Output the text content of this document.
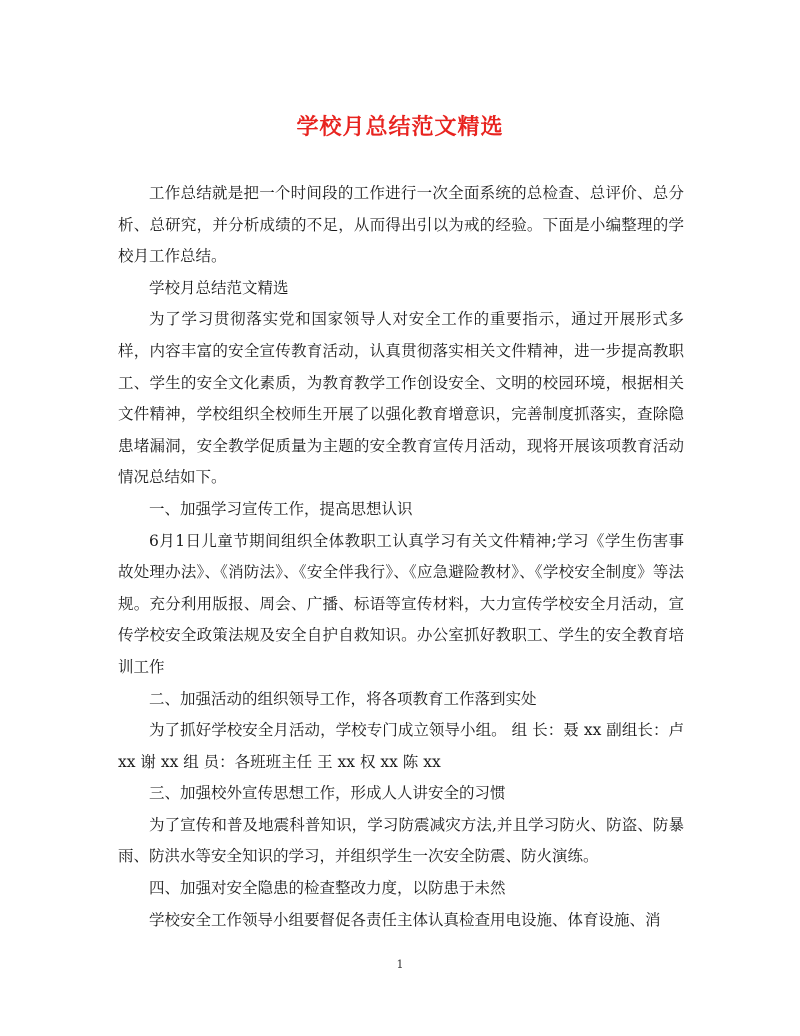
学校月总结范文精选

工作总结就是把一个时间段的工作进行一次全面系统的总检查、总评价、总分析、总研究，并分析成绩的不足，从而得出引以为戒的经验。下面是小编整理的学校月工作总结。

学校月总结范文精选

为了学习贯彻落实党和国家领导人对安全工作的重要指示，通过开展形式多样，内容丰富的安全宣传教育活动，认真贯彻落实相关文件精神，进一步提高教职工、学生的安全文化素质，为教育教学工作创设安全、文明的校园环境，根据相关文件精神，学校组织全校师生开展了以强化教育增意识，完善制度抓落实，查除隐患堵漏洞，安全教学促质量为主题的安全教育宣传月活动，现将开展该项教育活动情况总结如下。

一、加强学习宣传工作，提高思想认识

6月1日儿童节期间组织全体教职工认真学习有关文件精神;学习《学生伤害事故处理办法》、《消防法》、《安全伴我行》、《应急避险教材》、《学校安全制度》等法规。充分利用版报、周会、广播、标语等宣传材料，大力宣传学校安全月活动，宣传学校安全政策法规及安全自护自救知识。办公室抓好教职工、学生的安全教育培训工作

二、加强活动的组织领导工作，将各项教育工作落到实处

为了抓好学校安全月活动，学校专门成立领导小组。 组 长：聂 xx 副组长：卢 xx 谢 xx 组 员：各班班主任 王 xx 权 xx 陈 xx

三、加强校外宣传思想工作，形成人人讲安全的习惯

为了宣传和普及地震科普知识，学习防震减灾方法,并且学习防火、防盗、防暴雨、防洪水等安全知识的学习，并组织学生一次安全防震、防火演练。

四、加强对安全隐患的检查整改力度，以防患于未然

学校安全工作领导小组要督促各责任主体认真检查用电设施、体育设施、消

1
